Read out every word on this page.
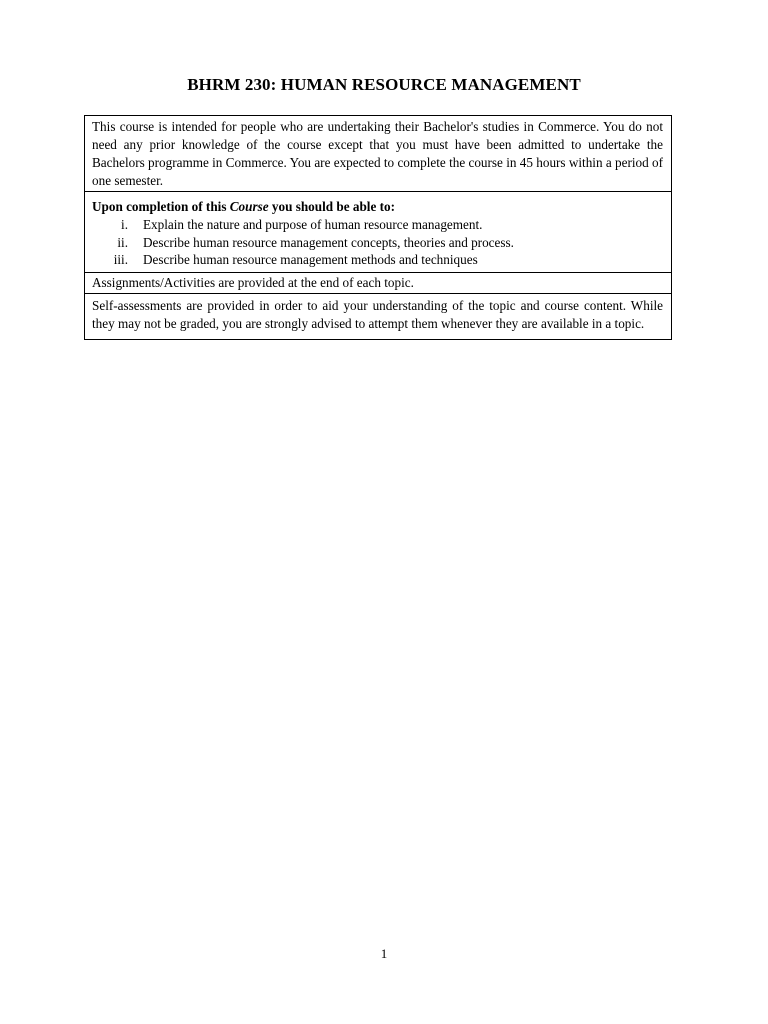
BHRM 230: HUMAN RESOURCE MANAGEMENT
This course is intended for people who are undertaking their Bachelor's studies in Commerce. You do not need any prior knowledge of the course except that you must have been admitted to undertake the Bachelors programme in Commerce. You are expected to complete the course in 45 hours within a period of one semester.
Upon completion of this Course you should be able to:
i.	Explain the nature and purpose of human resource management.
ii.	Describe human resource management concepts, theories and process.
iii.	Describe human resource management methods and techniques
Assignments/Activities are provided at the end of each topic.
Self-assessments are provided in order to aid your understanding of the topic and course content. While they may not be graded, you are strongly advised to attempt them whenever they are available in a topic.
1
